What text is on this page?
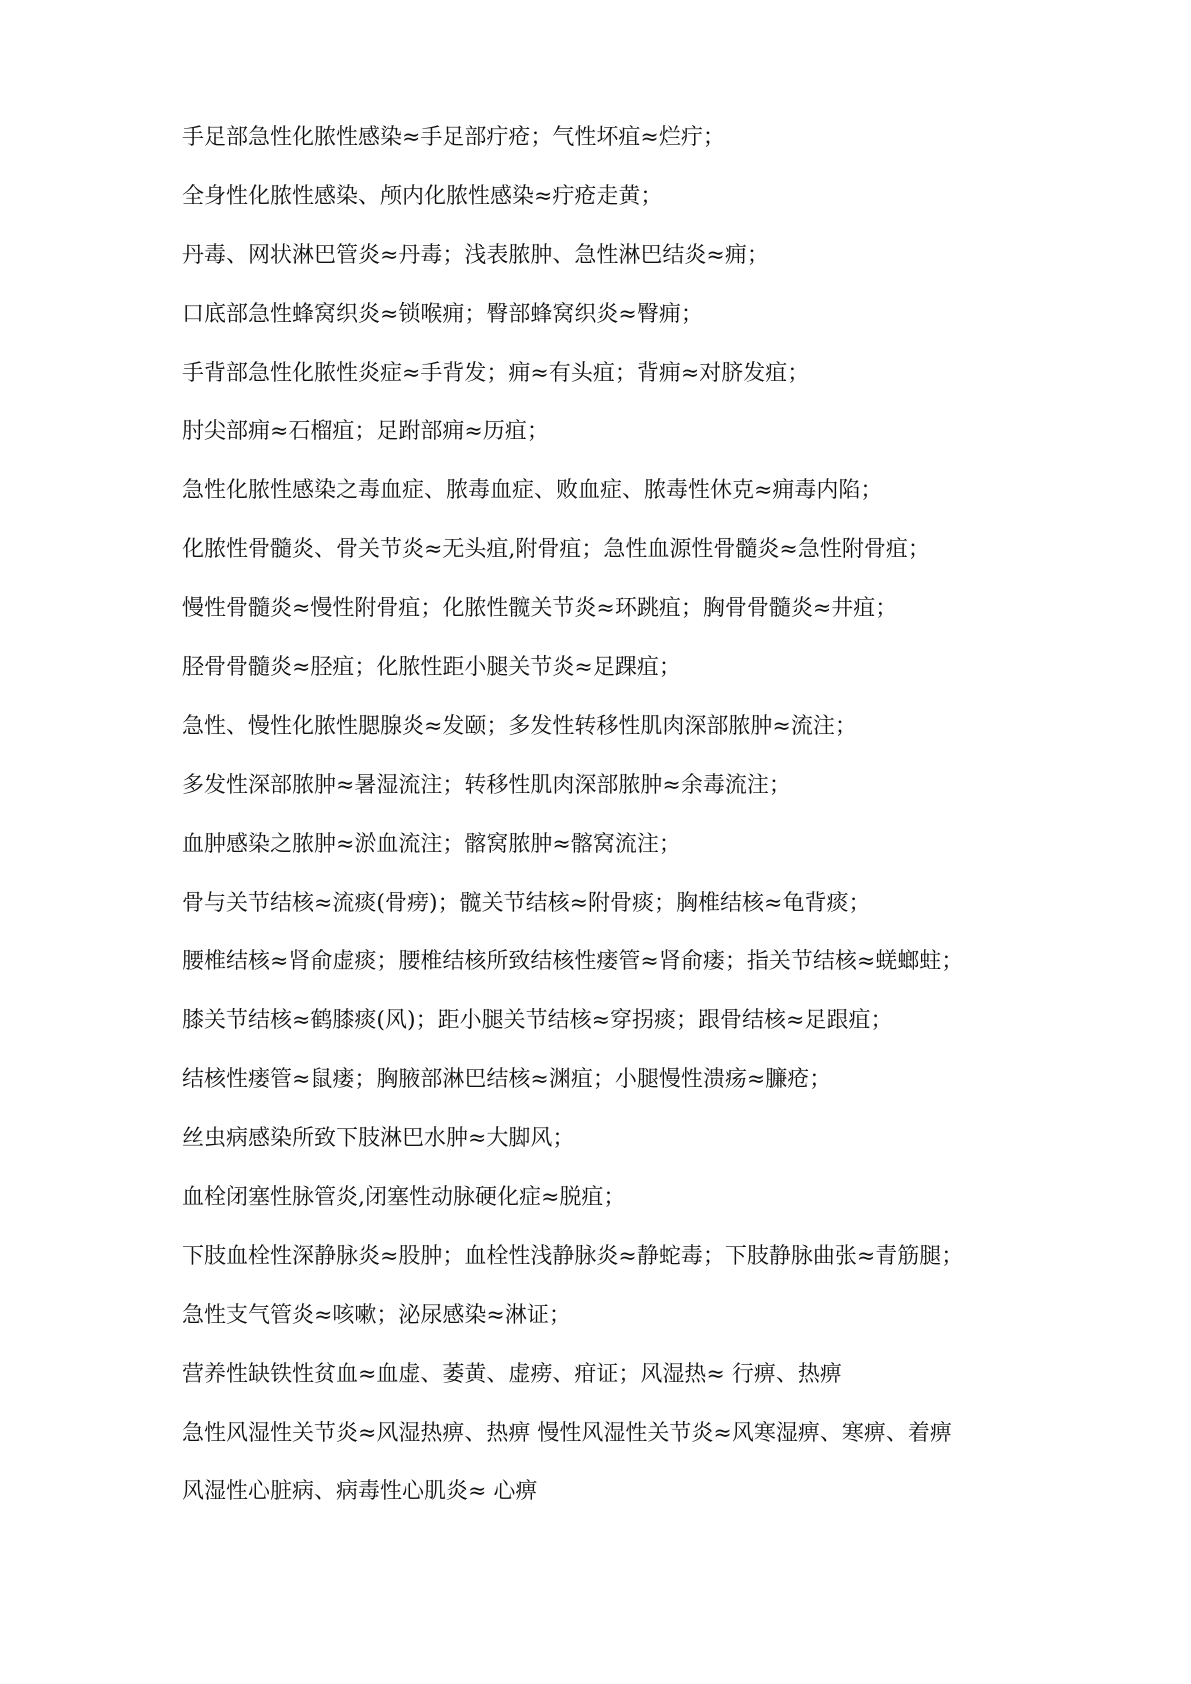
手足部急性化脓性感染≈手足部疔疮；气性坏疽≈烂疔；
全身性化脓性感染、颅内化脓性感染≈疔疮走黄；
丹毒、网状淋巴管炎≈丹毒；浅表脓肿、急性淋巴结炎≈痈；
口底部急性蜂窝织炎≈锁喉痈；臀部蜂窝织炎≈臀痈；
手背部急性化脓性炎症≈手背发；痈≈有头疽；背痈≈对脐发疽；
肘尖部痈≈石榴疽；足跗部痈≈历疽；
急性化脓性感染之毒血症、脓毒血症、败血症、脓毒性休克≈痈毒内陷；
化脓性骨髓炎、骨关节炎≈无头疽,附骨疽；急性血源性骨髓炎≈急性附骨疽；
慢性骨髓炎≈慢性附骨疽；化脓性髋关节炎≈环跳疽；胸骨骨髓炎≈井疽；
胫骨骨髓炎≈胫疽；化脓性距小腿关节炎≈足踝疽；
急性、慢性化脓性腮腺炎≈发颐；多发性转移性肌肉深部脓肿≈流注；
多发性深部脓肿≈暑湿流注；转移性肌肉深部脓肿≈余毒流注；
血肿感染之脓肿≈淤血流注；髂窝脓肿≈髂窝流注；
骨与关节结核≈流痰(骨痨)；髋关节结核≈附骨痰；胸椎结核≈龟背痰；
腰椎结核≈肾俞虚痰；腰椎结核所致结核性瘘管≈肾俞瘘；指关节结核≈蜣螂蛀；
膝关节结核≈鹤膝痰(风)；距小腿关节结核≈穿拐痰；跟骨结核≈足跟疽；
结核性瘘管≈鼠瘘；胸腋部淋巴结核≈渊疽；小腿慢性溃疡≈臁疮；
丝虫病感染所致下肢淋巴水肿≈大脚风；
血栓闭塞性脉管炎,闭塞性动脉硬化症≈脱疽；
下肢血栓性深静脉炎≈股肿；血栓性浅静脉炎≈静蛇毒；下肢静脉曲张≈青筋腿；
急性支气管炎≈咳嗽；泌尿感染≈淋证；
营养性缺铁性贫血≈血虚、萎黄、虚痨、疳证；风湿热≈ 行痹、热痹
急性风湿性关节炎≈风湿热痹、热痹 慢性风湿性关节炎≈风寒湿痹、寒痹、着痹
风湿性心脏病、病毒性心肌炎≈ 心痹
